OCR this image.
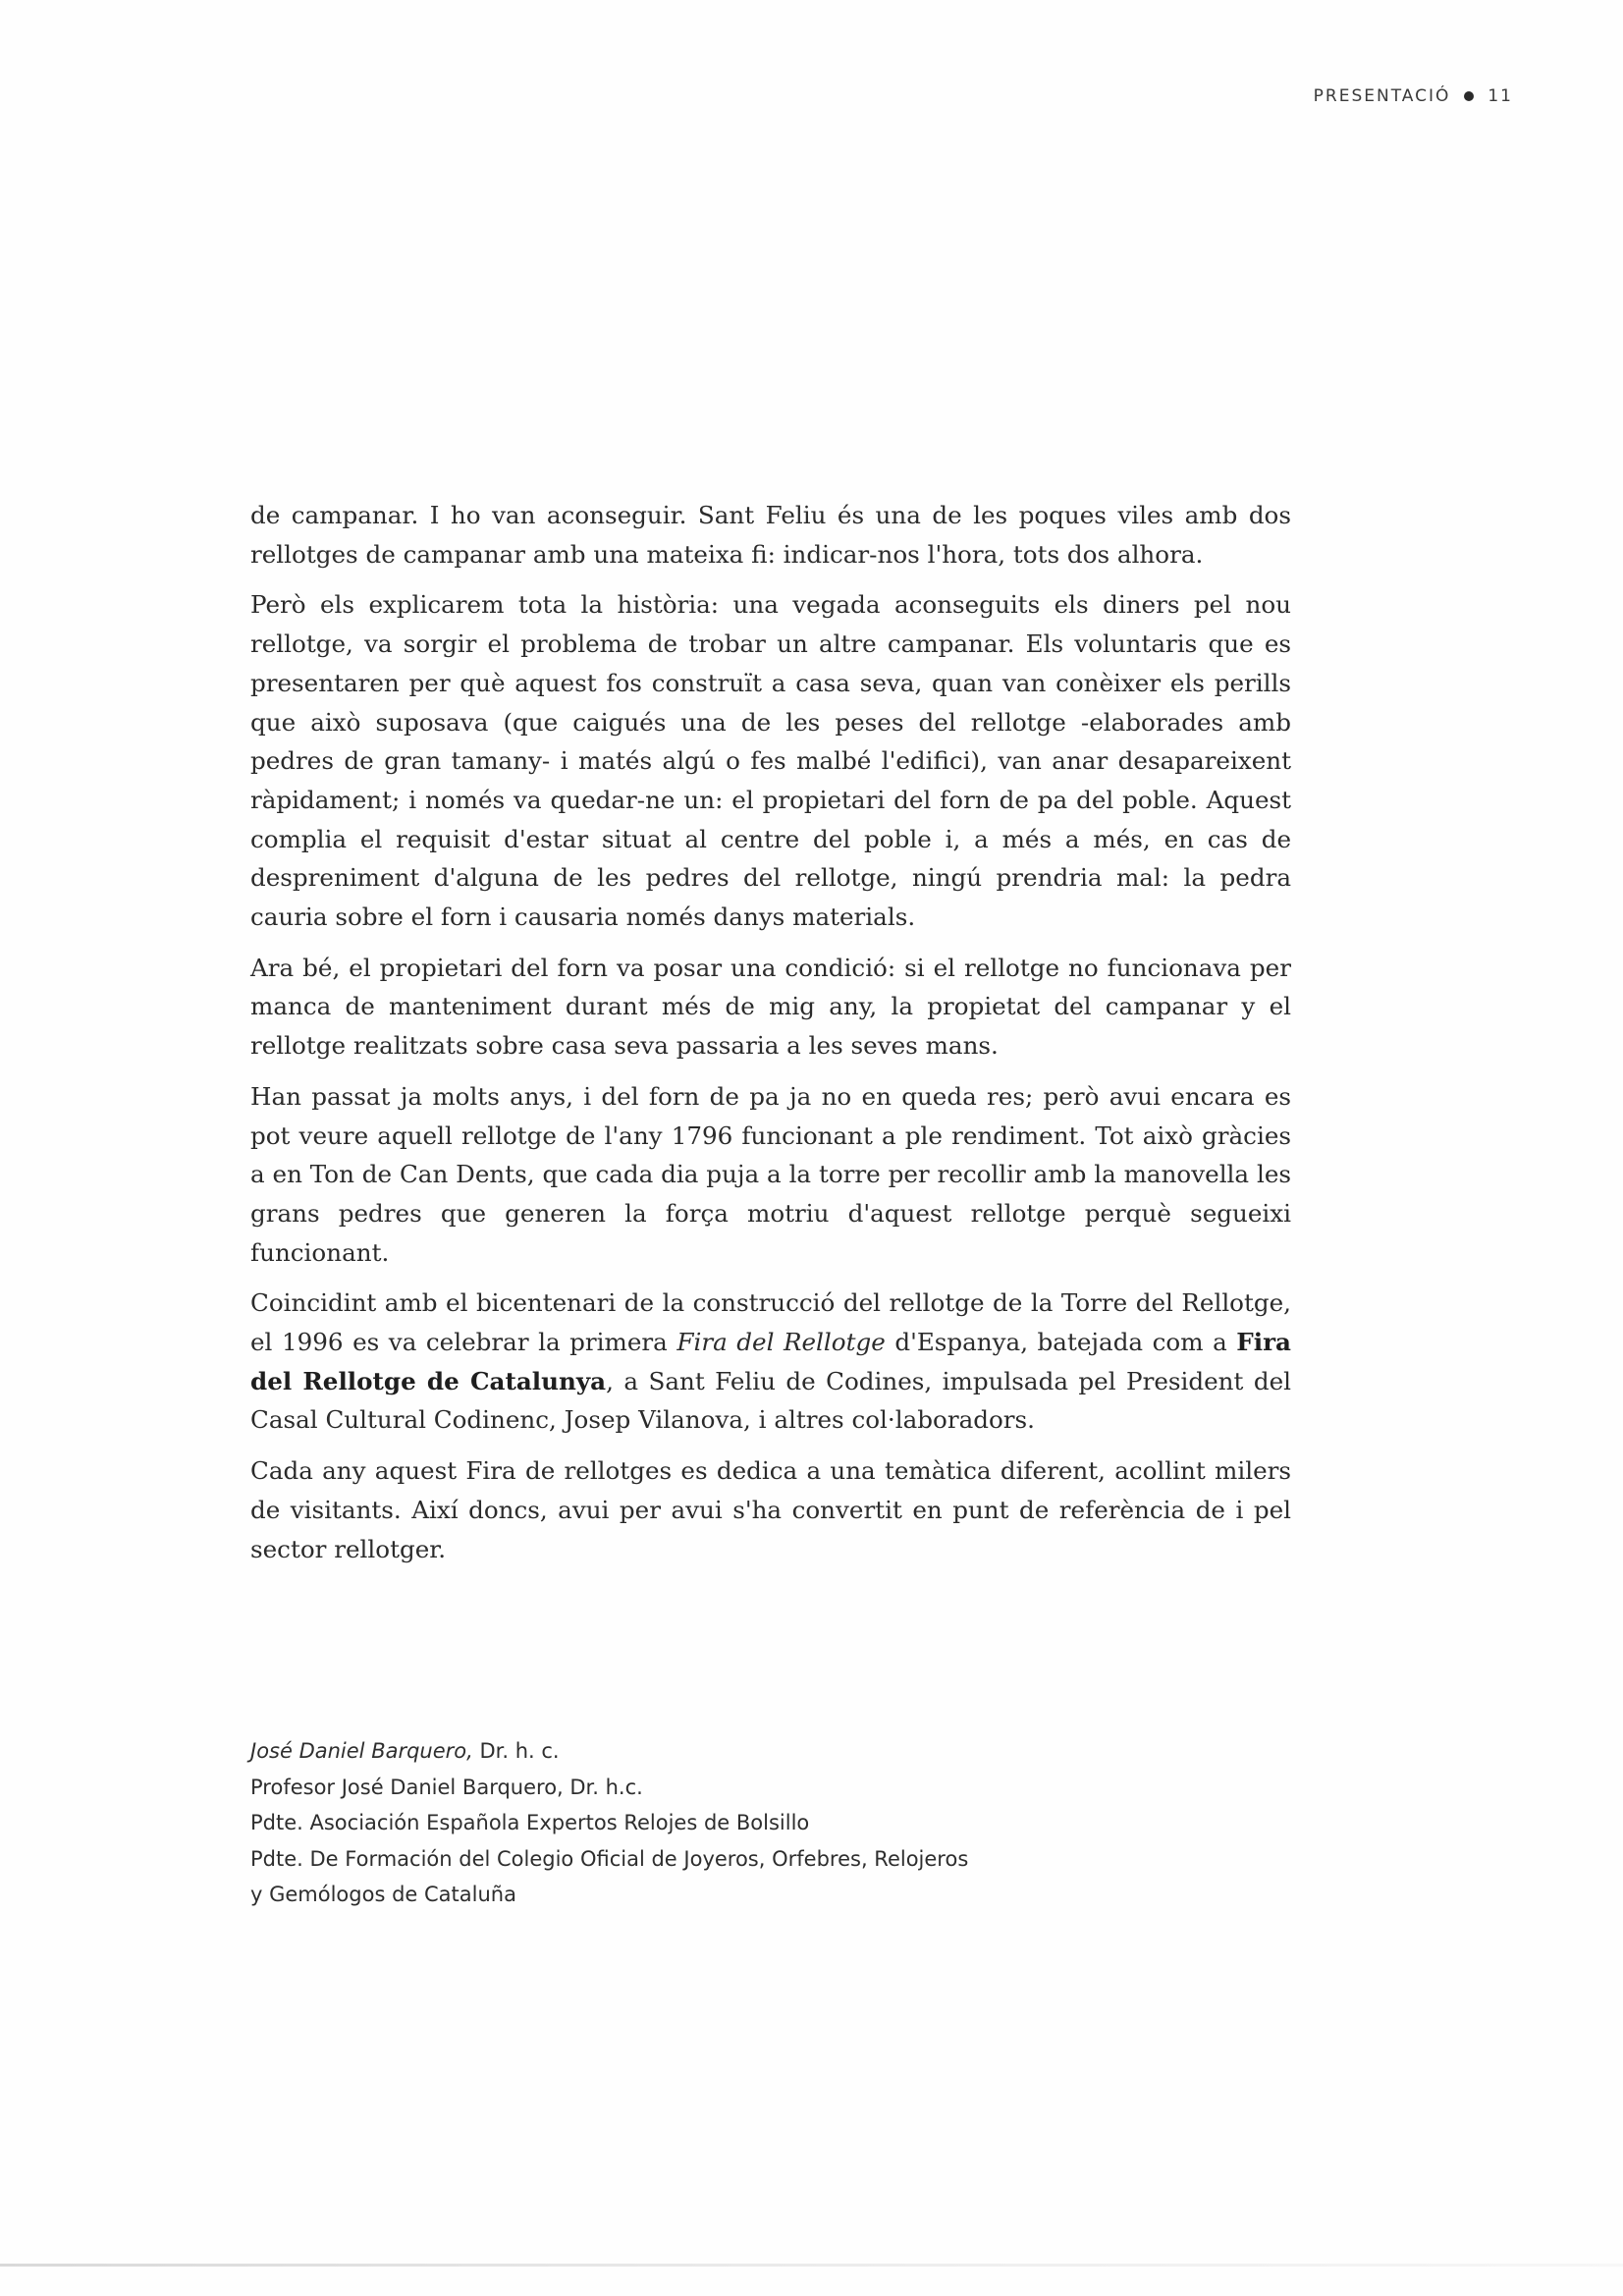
PRESENTACIÓ 11

de campanar. I ho van aconseguir. Sant Feliu és una de les poques viles amb dos rellotges de campanar amb una mateixa fi: indicar-nos l'hora, tots dos alhora.

Però els explicarem tota la història: una vegada aconseguits els diners pel nou rellotge, va sorgir el problema de trobar un altre campanar. Els voluntaris que es presentaren per què aquest fos construït a casa seva, quan van conèixer els perills que això suposava (que caigués una de les peses del rellotge -elaborades amb pedres de gran tamany- i matés algú o fes malbé l'edifici), van anar desapareixent ràpidament; i només va quedar-ne un: el propietari del forn de pa del poble. Aquest complia el requisit d'estar situat al centre del poble i, a més a més, en cas de despreniment d'alguna de les pedres del rellotge, ningú prendria mal: la pedra cauria sobre el forn i causaria només danys materials.

Ara bé, el propietari del forn va posar una condició: si el rellotge no funcionava per manca de manteniment durant més de mig any, la propietat del campanar y el rellotge realitzats sobre casa seva passaria a les seves mans.

Han passat ja molts anys, i del forn de pa ja no en queda res; però avui encara es pot veure aquell rellotge de l'any 1796 funcionant a ple rendiment. Tot això gràcies a en Ton de Can Dents, que cada dia puja a la torre per recollir amb la manovella les grans pedres que generen la força motriu d'aquest rellotge perquè segueixi funcionant.

Coincidint amb el bicentenari de la construcció del rellotge de la Torre del Rellotge, el 1996 es va celebrar la primera Fira del Rellotge d'Espanya, batejada com a Fira del Rellotge de Catalunya, a Sant Feliu de Codines, impulsada pel President del Casal Cultural Codinenc, Josep Vilanova, i altres col·laboradors.

Cada any aquest Fira de rellotges es dedica a una temàtica diferent, acollint milers de visitants. Així doncs, avui per avui s'ha convertit en punt de referència de i pel sector rellotger.

José Daniel Barquero, Dr. h. c.
Profesor José Daniel Barquero, Dr. h.c.
Pdte. Asociación Española Expertos Relojes de Bolsillo
Pdte. De Formación del Colegio Oficial de Joyeros, Orfebres, Relojeros
y Gemólogos de Cataluña
